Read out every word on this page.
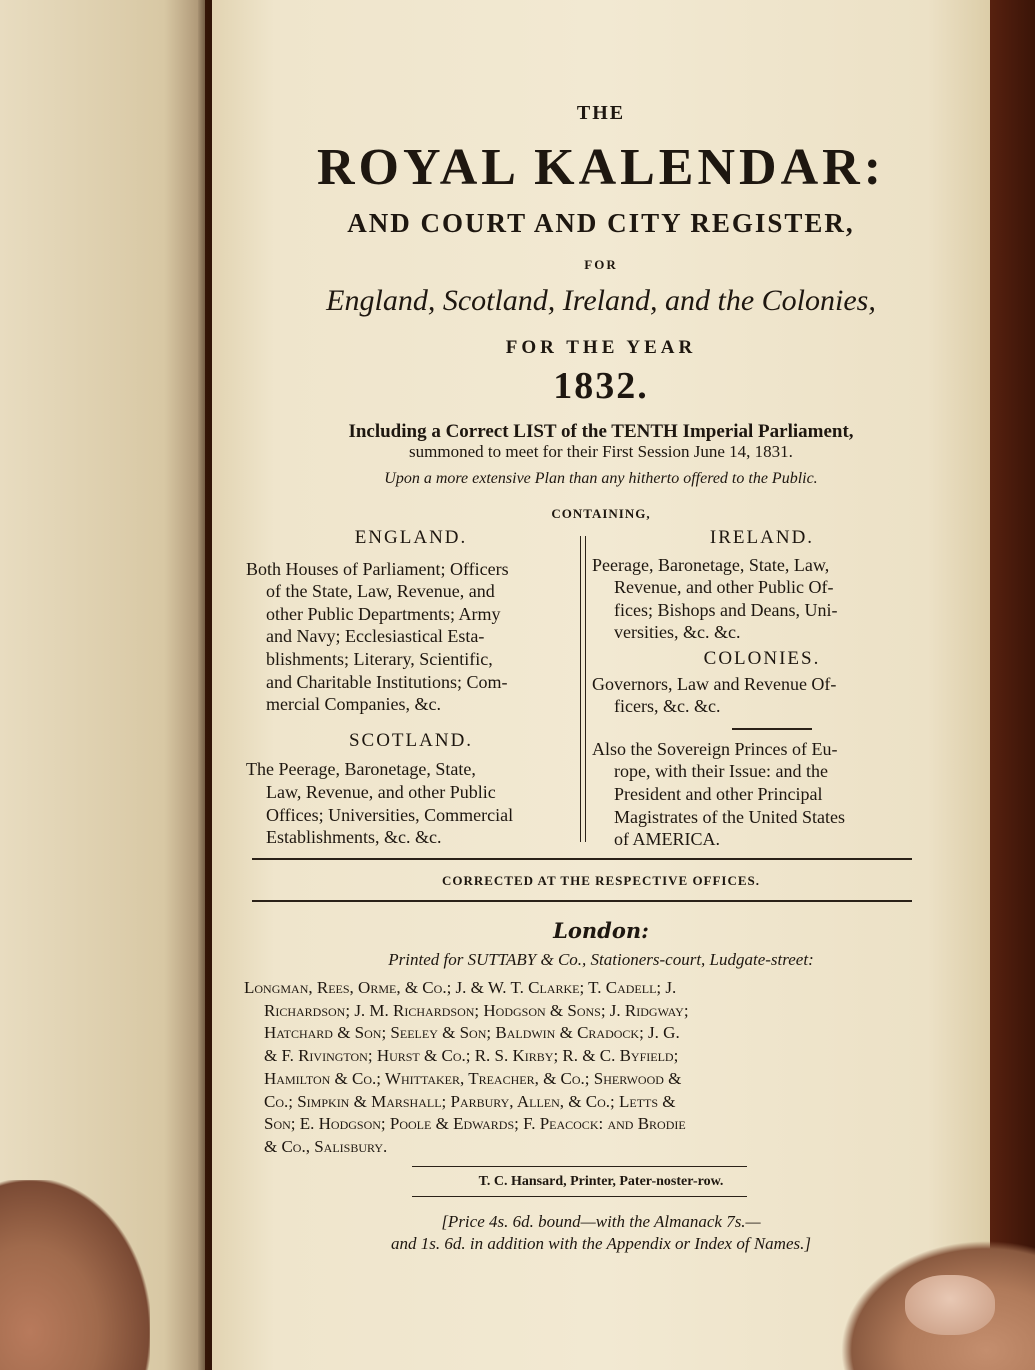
THE
ROYAL KALENDAR:
AND COURT AND CITY REGISTER,
FOR
England, Scotland, Ireland, and the Colonies,
FOR THE YEAR
1832.
Including a Correct LIST of the TENTH Imperial Parliament,
summoned to meet for their First Session June 14, 1831.
Upon a more extensive Plan than any hitherto offered to the Public.
CONTAINING,
ENGLAND.
Both Houses of Parliament; Officers
of the State, Law, Revenue, and
other Public Departments; Army
and Navy; Ecclesiastical Esta-
blishments; Literary, Scientific,
and Charitable Institutions; Com-
mercial Companies, &c.
SCOTLAND.
The Peerage, Baronetage, State,
Law, Revenue, and other Public
Offices; Universities, Commercial
Establishments, &c. &c.
IRELAND.
Peerage, Baronetage, State, Law,
Revenue, and other Public Of-
fices; Bishops and Deans, Uni-
versities, &c. &c.
COLONIES.
Governors, Law and Revenue Of-
ficers, &c. &c.
Also the Sovereign Princes of Eu-
rope, with their Issue: and the
President and other Principal
Magistrates of the United States
of AMERICA.
CORRECTED AT THE RESPECTIVE OFFICES.
London:
Printed for SUTTABY & Co., Stationers-court, Ludgate-street:
Longman, Rees, Orme, & Co.; J. & W. T. Clarke; T. Cadell; J.
Richardson; J. M. Richardson; Hodgson & Sons; J. Ridgway;
Hatchard & Son; Seeley & Son; Baldwin & Cradock; J. G.
& F. Rivington; Hurst & Co.; R. S. Kirby; R. & C. Byfield;
Hamilton & Co.; Whittaker, Treacher, & Co.; Sherwood &
Co.; Simpkin & Marshall; Parbury, Allen, & Co.; Letts &
Son; E. Hodgson; Poole & Edwards; F. Peacock: and Brodie
& Co., Salisbury.
T. C. Hansard, Printer, Pater-noster-row.
[Price 4s. 6d. bound—with the Almanack 7s.—
and 1s. 6d. in addition with the Appendix or Index of Names.]
